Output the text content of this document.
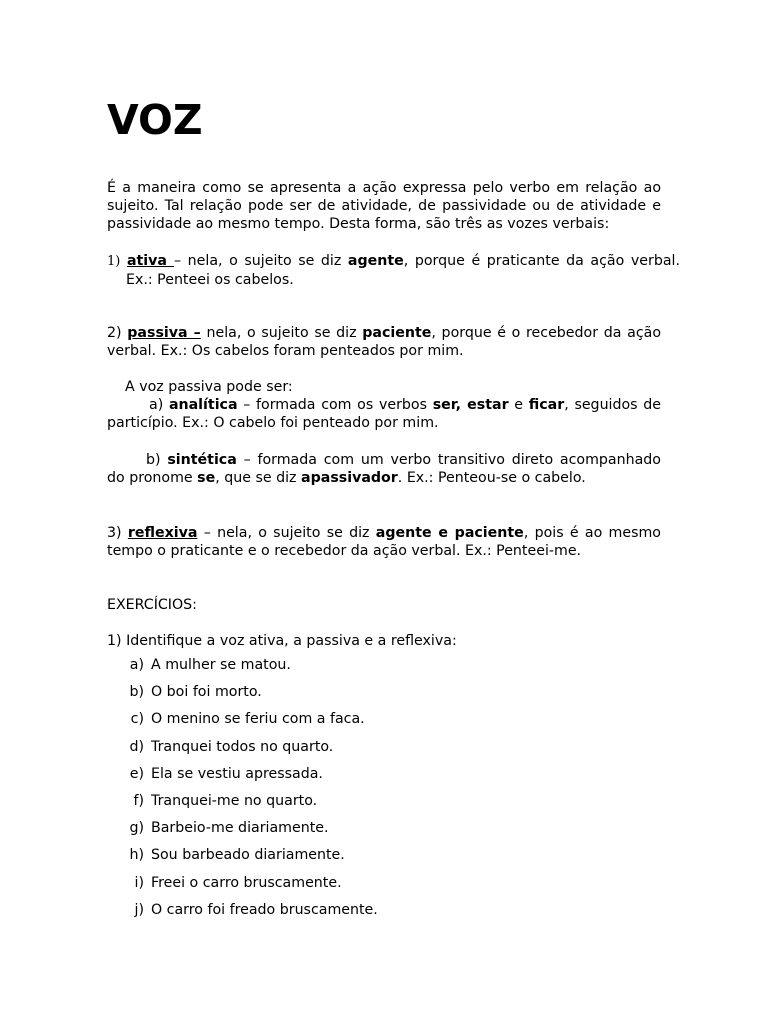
VOZ

É a maneira como se apresenta a ação expressa pelo verbo em relação ao sujeito. Tal relação pode ser de atividade, de passividade ou de atividade e passividade ao mesmo tempo. Desta forma, são três as vozes verbais:

1) ativa – nela, o sujeito se diz agente, porque é praticante da ação verbal. Ex.: Penteei os cabelos.

2) passiva – nela, o sujeito se diz paciente, porque é o recebedor da ação verbal. Ex.: Os cabelos foram penteados por mim.

A voz passiva pode ser:

a) analítica – formada com os verbos ser, estar e ficar, seguidos de particípio. Ex.: O cabelo foi penteado por mim.

b) sintética – formada com um verbo transitivo direto acompanhado do pronome se, que se diz apassivador. Ex.: Penteou-se o cabelo.

3) reflexiva – nela, o sujeito se diz agente e paciente, pois é ao mesmo tempo o praticante e o recebedor da ação verbal. Ex.: Penteei-me.

EXERCÍCIOS:

1) Identifique a voz ativa, a passiva e a reflexiva:

a) A mulher se matou.
b) O boi foi morto.
c) O menino se feriu com a faca.
d) Tranquei todos no quarto.
e) Ela se vestiu apressada.
f) Tranquei-me no quarto.
g) Barbeio-me diariamente.
h) Sou barbeado diariamente.
i) Freei o carro bruscamente.
j) O carro foi freado bruscamente.
